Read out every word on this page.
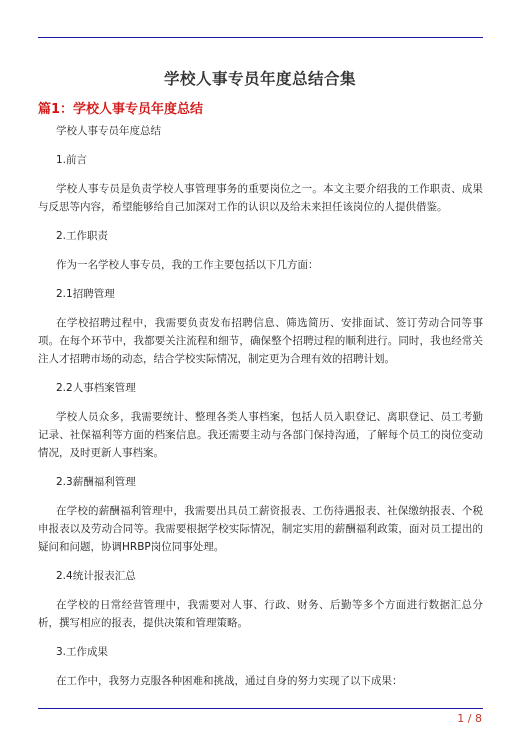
学校人事专员年度总结合集
篇1：学校人事专员年度总结

学校人事专员年度总结

1.前言

学校人事专员是负责学校人事管理事务的重要岗位之一。本文主要介绍我的工作职责、成果与反思等内容，希望能够给自己加深对工作的认识以及给未来担任该岗位的人提供借鉴。

2.工作职责

作为一名学校人事专员，我的工作主要包括以下几方面：

2.1招聘管理

在学校招聘过程中，我需要负责发布招聘信息、筛选简历、安排面试、签订劳动合同等事项。在每个环节中，我都要关注流程和细节，确保整个招聘过程的顺利进行。同时，我也经常关注人才招聘市场的动态，结合学校实际情况，制定更为合理有效的招聘计划。

2.2人事档案管理

学校人员众多，我需要统计、整理各类人事档案，包括人员入职登记、离职登记、员工考勤记录、社保福利等方面的档案信息。我还需要主动与各部门保持沟通，了解每个员工的岗位变动情况，及时更新人事档案。

2.3薪酬福利管理

在学校的薪酬福利管理中，我需要出具员工薪资报表、工伤待遇报表、社保缴纳报表、个税申报表以及劳动合同等。我需要根据学校实际情况，制定实用的薪酬福利政策，面对员工提出的疑问和问题，协调HRBP岗位同事处理。

2.4统计报表汇总

在学校的日常经营管理中，我需要对人事、行政、财务、后勤等多个方面进行数据汇总分析，撰写相应的报表，提供决策和管理策略。

3.工作成果

在工作中，我努力克服各种困难和挑战，通过自身的努力实现了以下成果：

1 / 8
